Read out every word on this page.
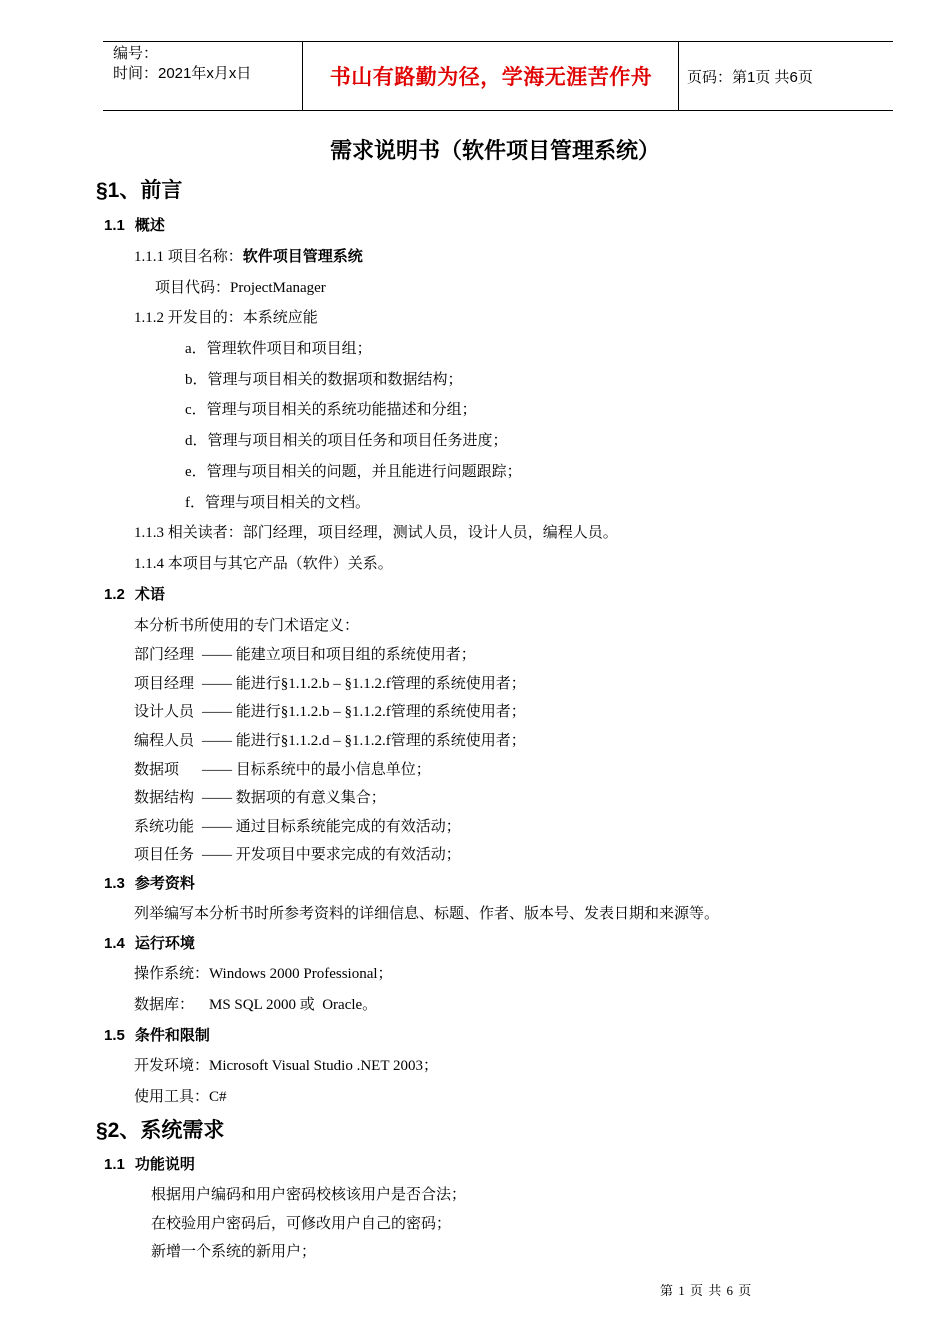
编号：
时间：2021年x月x日	书山有路勤为径，学海无涯苦作舟	页码：第1页 共6页
需求说明书（软件项目管理系统）
§1、前言
1.1 概述
1.1.1 项目名称：软件项目管理系统
项目代码：ProjectManager
1.1.2 开发目的：本系统应能
a．管理软件项目和项目组；
b．管理与项目相关的数据项和数据结构；
c．管理与项目相关的系统功能描述和分组；
d．管理与项目相关的项目任务和项目任务进度；
e．管理与项目相关的问题，并且能进行问题跟踪；
f．管理与项目相关的文档。
1.1.3 相关读者：部门经理，项目经理，测试人员，设计人员，编程人员。
1.1.4 本项目与其它产品（软件）关系。
1.2 术语
本分析书所使用的专门术语定义：
部门经理 —— 能建立项目和项目组的系统使用者；
项目经理 —— 能进行§1.1.2.b – §1.1.2.f管理的系统使用者；
设计人员 —— 能进行§1.1.2.b – §1.1.2.f管理的系统使用者；
编程人员 —— 能进行§1.1.2.d – §1.1.2.f管理的系统使用者；
数据项 —— 目标系统中的最小信息单位；
数据结构 —— 数据项的有意义集合；
系统功能 —— 通过目标系统能完成的有效活动；
项目任务 —— 开发项目中要求完成的有效活动；
1.3 参考资料
列举编写本分析书时所参考资料的详细信息、标题、作者、版本号、发表日期和来源等。
1.4 运行环境
操作系统：Windows 2000 Professional；
数据库：    MS SQL 2000 或  Oracle。
1.5 条件和限制
开发环境：Microsoft Visual Studio .NET 2003；
使用工具：C#
§2、系统需求
1.1 功能说明
根据用户编码和用户密码校核该用户是否合法；
在校验用户密码后，可修改用户自己的密码；
新增一个系统的新用户；
第 1 页 共 6 页
